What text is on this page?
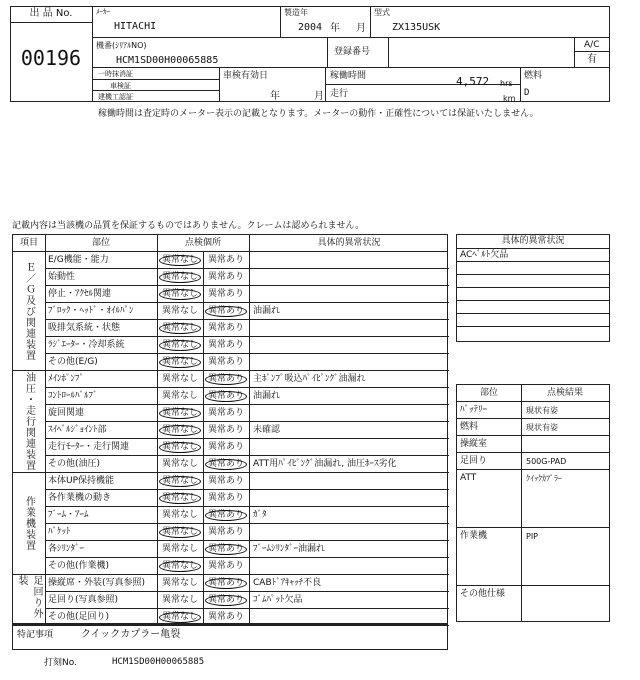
出 品 No.
00196
ﾒｰｶｰ
HITACHI
製造年
2004 年 月
型式
ZX135USK
機番(ｼﾘｱﾙNO)
HCM1SD00H00065885
登録番号
A/C
有
一時抹消証
車検証
建機工認証
車検有効日
年	月
稼働時間	4,572 hrs
走行	km
燃料
D
稼働時間は査定時のメーター表示の記載となります。メーターの動作・正確性については保証いたしません。
記載内容は当該機の品質を保証するものではありません。クレームは認められません。
項目	部位	点検個所	具体的異常状況
E/G機能・能力	異常なし	異常あり
始動性	異常なし	異常あり
停止・ｱｸｾﾙ関連	異常なし	異常あり
ﾌﾞﾛｯｸ・ﾍｯﾄﾞ・ｵｲﾙﾊﾟﾝ	異常なし	異常あり	油漏れ
吸排気系統・状態	異常なし	異常あり
ﾗｼﾞｴｰﾀｰ・冷却系統	異常なし	異常あり
その他(E/G)	異常なし	異常あり
Ｅ／Ｇ及び関連装置
ﾒｲﾝﾎﾟﾝﾌﾟ	異常なし	異常あり	主ﾎﾟﾝﾌﾟ吸込ﾊﾟｲﾋﾟﾝｸﾞ油漏れ
ｺﾝﾄﾛｰﾙﾊﾞﾙﾌﾞ	異常なし	異常あり	油漏れ
旋回関連	異常なし	異常あり
ｽｲﾍﾞﾙｼﾞｮｲﾝﾄ部	異常なし	異常あり	未確認
走行ﾓｰﾀｰ・走行関連	異常なし	異常あり
その他(油圧)	異常なし	異常あり	ATT用ﾊﾟｲﾋﾟﾝｸﾞ油漏れ, 油圧ﾎｰｽ劣化
油圧・走行関連装置
本体UP保持機能	異常なし	異常あり
各作業機の動き	異常なし	異常あり
ﾌﾞｰﾑ・ｱｰﾑ	異常なし	異常あり	ｶﾞﾀ
ﾊﾞｹｯﾄ	異常なし	異常あり
各ｼﾘﾝﾀﾞｰ	異常なし	異常あり	ﾌﾞｰﾑｼﾘﾝﾀﾞｰ油漏れ
その他(作業機)	異常なし	異常あり
作業機装置
操縦席・外装(写真参照)	異常なし	異常あり	CABﾄﾞｱｷｬｯﾁ不良
足回り(写真参照)	異常なし	異常あり	ｺﾞﾑﾊﾟｯﾄ欠品
その他(足回り)	異常なし	異常あり
足回り外装
特記事項	クイックカプラー亀裂
打刻No.	HCM1SD00H00065885
具体的異常状況
ACﾍﾞﾙﾄ欠品
部位	点検結果
ﾊﾞｯﾃﾘｰ	現状有姿
燃料	現状有姿
操縦室
足回り	500G-PAD
ATT	ｸｲｯｸｶﾌﾟﾗｰ
作業機	PIP
その他仕様
